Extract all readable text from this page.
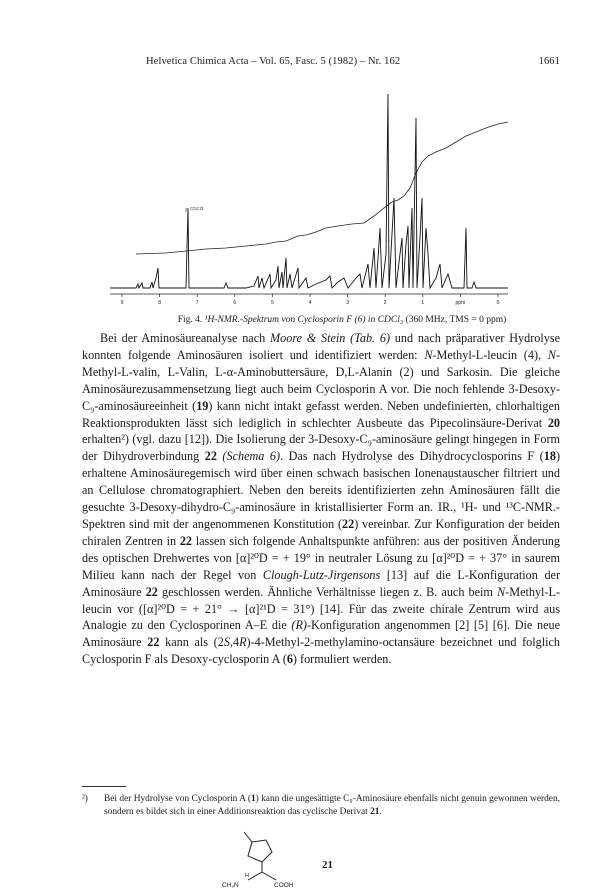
Helvetica Chimica Acta – Vol. 65, Fasc. 5 (1982) – Nr. 162	1661
CDCl3
9	8	7	6	5	4	3	2	1	ppm	0
Fig. 4. ¹H-NMR.-Spektrum von Cyclosporin F (6) in CDCl₃ (360 MHz, TMS = 0 ppm)

Bei der Aminosäureanalyse nach Moore & Stein (Tab. 6) und nach präparativer Hydrolyse konnten folgende Aminosäuren isoliert und identifiziert werden: N-Methyl-L-leucin (4), N-Methyl-L-valin, L-Valin, L-α-Aminobuttersäure, D,L-Alanin (2) und Sarkosin. Die gleiche Aminosäurezusammensetzung liegt auch beim Cyclosporin A vor. Die noch fehlende 3-Desoxy-C₉-aminosäureeinheit (19) kann nicht intakt gefasst werden. Neben undefinierten, chlorhaltigen Reaktionsprodukten lässt sich lediglich in schlechter Ausbeute das Pipecolinsäure-Derivat 20 erhalten²) (vgl. dazu [12]). Die Isolierung der 3-Desoxy-C₉-aminosäure gelingt hingegen in Form der Dihydroverbindung 22 (Schema 6). Das nach Hydrolyse des Dihydrocyclosporins F (18) erhaltene Aminosäuregemisch wird über einen schwach basischen Ionenaustauscher filtriert und an Cellulose chromatographiert. Neben den bereits identifizierten zehn Aminosäuren fällt die gesuchte 3-Desoxy-dihydro-C₉-aminosäure in kristallisierter Form an. IR., ¹H- und ¹³C-NMR.-Spektren sind mit der angenommenen Konstitution (22) vereinbar. Zur Konfiguration der beiden chiralen Zentren in 22 lassen sich folgende Anhaltspunkte anführen: aus der positiven Änderung des optischen Drehwertes von [α]²⁰D = + 19° in neutraler Lösung zu [α]²⁰D = + 37° in saurem Milieu kann nach der Regel von Clough-Lutz-Jirgensons [13] auf die L-Konfiguration der Aminosäure 22 geschlossen werden. Ähnliche Verhältnisse liegen z. B. auch beim N-Methyl-L-leucin vor ([α]²⁰D = + 21° → [α]²¹D = 31°) [14]. Für das zweite chirale Zentrum wird aus Analogie zu den Cyclosporinen A–E die (R)-Konfiguration angenommen [2] [5] [6]. Die neue Aminosäure 22 kann als (2S,4R)-4-Methyl-2-methylamino-octansäure bezeichnet und folglich Cyclosporin F als Desoxy-cyclosporin A (6) formuliert werden.

²) Bei der Hydrolyse von Cyclosporin A (1) kann die ungesättigte C₉-Aminosäure ebenfalls nicht genuin gewonnen werden, sondern es bildet sich in einer Additionsreaktion das cyclische Derivat 21.
CH₃N
H
COOH
21
